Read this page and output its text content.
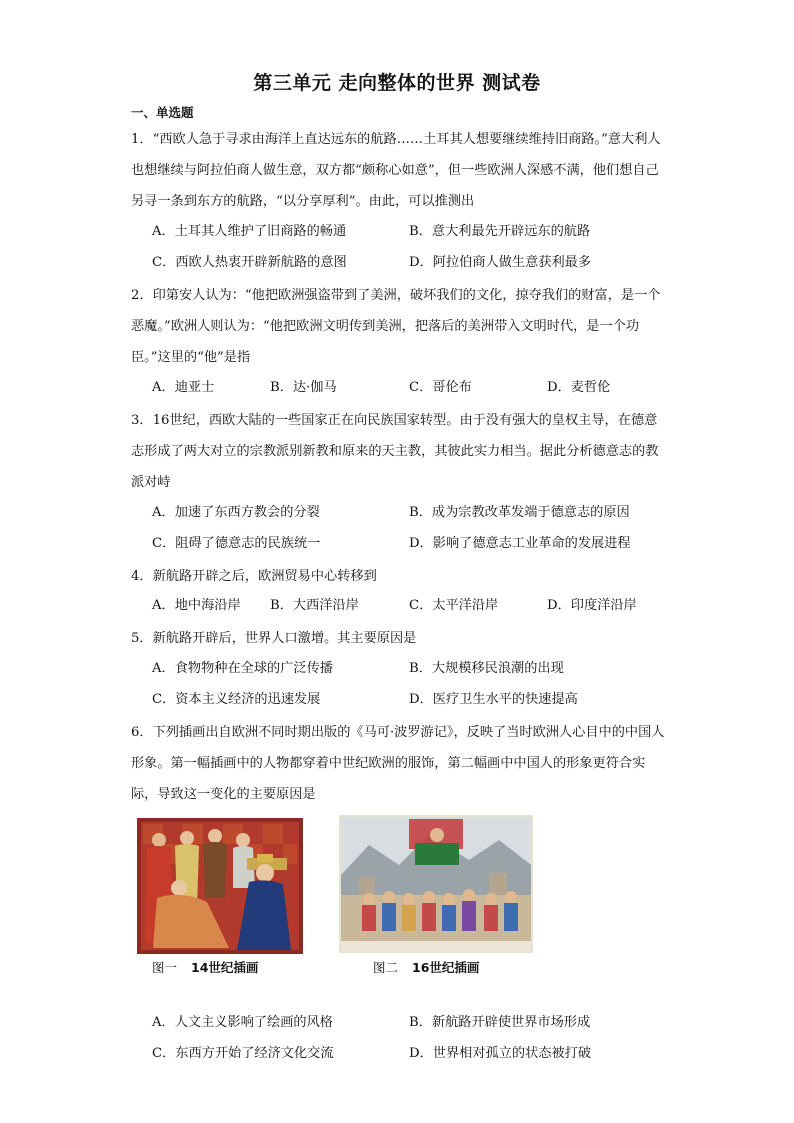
第三单元 走向整体的世界 测试卷
一、单选题
1．“西欧人急于寻求由海洋上直达远东的航路……土耳其人想要继续维持旧商路。”意大利人也想继续与阿拉伯商人做生意，双方都“颇称心如意”，但一些欧洲人深感不满，他们想自己另寻一条到东方的航路，“以分享厚利”。由此，可以推测出
A．土耳其人维护了旧商路的畅通	B．意大利最先开辟远东的航路
C．西欧人热衷开辟新航路的意图	D．阿拉伯商人做生意获利最多
2．印第安人认为：“他把欧洲强盗带到了美洲，破坏我们的文化，掠夺我们的财富，是一个恶魔。”欧洲人则认为：“他把欧洲文明传到美洲，把落后的美洲带入文明时代，是一个功臣。”这里的“他”是指
A．迪亚士	B．达·伽马	C．哥伦布	D．麦哲伦
3．16世纪，西欧大陆的一些国家正在向民族国家转型。由于没有强大的皇权主导，在德意志形成了两大对立的宗教派别新教和原来的天主教，其彼此实力相当。据此分析德意志的教派对峙
A．加速了东西方教会的分裂	B．成为宗教改革发端于德意志的原因
C．阻碍了德意志的民族统一	D．影响了德意志工业革命的发展进程
4．新航路开辟之后，欧洲贸易中心转移到
A．地中海沿岸 B．大西洋沿岸	C．太平洋沿岸	D．印度洋沿岸
5．新航路开辟后，世界人口激增。其主要原因是
A．食物物种在全球的广泛传播	B．大规模移民浪潮的出现
C．资本主义经济的迅速发展	D．医疗卫生水平的快速提高
6．下列插画出自欧洲不同时期出版的《马可·波罗游记》，反映了当时欧洲人心目中的中国人形象。第一幅插画中的人物都穿着中世纪欧洲的服饰，第二幅画中中国人的形象更符合实际，导致这一变化的主要原因是
图一 14世纪插画	图二 16世纪插画
A．人文主义影响了绘画的风格	B．新航路开辟使世界市场形成
C．东西方开始了经济文化交流	D．世界相对孤立的状态被打破
